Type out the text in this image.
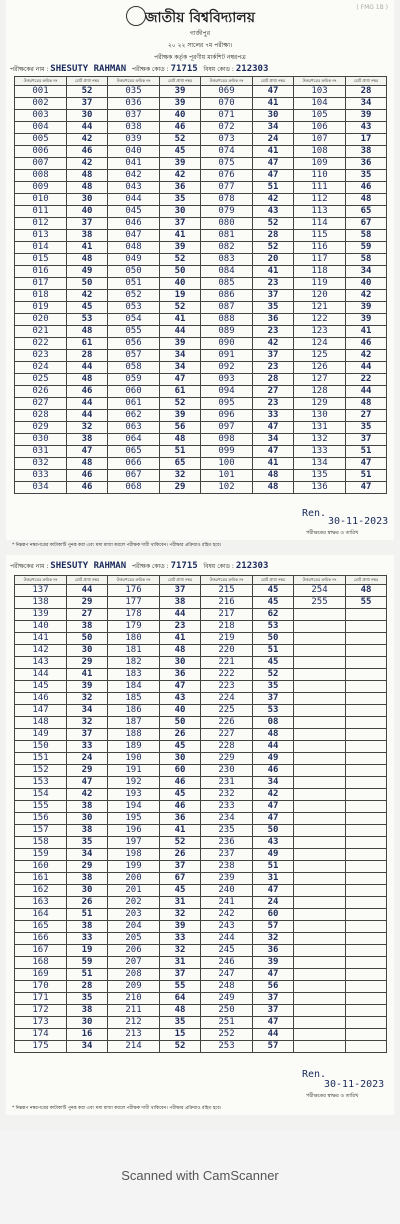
জাতীয় বিশ্ববিদ্যালয়
( FMG 1B )
গাজীপুর
২০ ২২ সালের ৭ম পরীক্ষা।
পরীক্ষক কর্তৃক পূরণীয় মার্কশিট নম্বরপত্র
পরীক্ষকের নাম : SHESUTY RAHMAN পরীক্ষক কোড : 71715 বিষয় কোড : 212303
উত্তরপত্রের ক্রমিক নং	মোট প্রাপ্ত নম্বর	উত্তরপত্রের ক্রমিক নং	মোট প্রাপ্ত নম্বর	উত্তরপত্রের ক্রমিক নং	মোট প্রাপ্ত নম্বর	উত্তরপত্রের ক্রমিক নং	মোট প্রাপ্ত নম্বর
001	52	035	39	069	47	103	28
002	37	036	39	070	41	104	34
003	30	037	40	071	30	105	39
004	44	038	46	072	34	106	43
005	42	039	52	073	24	107	17
006	46	040	45	074	41	108	38
007	42	041	39	075	47	109	36
008	48	042	42	076	47	110	35
009	48	043	36	077	51	111	46
010	30	044	35	078	42	112	48
011	40	045	30	079	43	113	65
012	37	046	37	080	52	114	67
013	38	047	41	081	28	115	58
014	41	048	39	082	52	116	59
015	48	049	52	083	20	117	58
016	49	050	50	084	41	118	34
017	50	051	40	085	23	119	40
018	42	052	19	086	37	120	42
019	45	053	52	087	35	121	39
020	53	054	41	088	36	122	39
021	48	055	44	089	23	123	41
022	61	056	39	090	42	124	46
023	28	057	34	091	37	125	42
024	44	058	34	092	23	126	44
025	48	059	47	093	28	127	22
026	46	060	61	094	27	128	44
027	44	061	52	095	23	129	48
028	44	062	39	096	33	130	27
029	32	063	56	097	47	131	35
030	38	064	48	098	34	132	37
031	47	065	51	099	47	133	51
032	48	066	65	100	41	134	47
033	46	067	32	101	48	135	51
034	46	068	29	102	48	136	47
Ren.
30-11-2023
পরীক্ষকের স্বাক্ষর ও তারিখ
* নিম্নরূপ নম্বরপত্রের কাটাকাটি পুনরূ করা এবং ঘষা মাজা করলে পরীক্ষক দায়ী থাকিবেন। পরীক্ষার প্রক্রিয়াও রহিত হবে।
পরীক্ষকের নাম : SHESUTY RAHMAN পরীক্ষক কোড : 71715 বিষয় কোড : 212303
উত্তরপত্রের ক্রমিক নং	মোট প্রাপ্ত নম্বর	উত্তরপত্রের ক্রমিক নং	মোট প্রাপ্ত নম্বর	উত্তরপত্রের ক্রমিক নং	মোট প্রাপ্ত নম্বর	উত্তরপত্রের ক্রমিক নং	মোট প্রাপ্ত নম্বর
137	44	176	37	215	45	254	48
138	29	177	38	216	45	255	55
139	27	178	44	217	62		
140	38	179	23	218	53		
141	50	180	41	219	50		
142	30	181	48	220	51		
143	29	182	30	221	45		
144	41	183	36	222	52		
145	39	184	47	223	35		
146	32	185	43	224	37		
147	34	186	40	225	53		
148	32	187	50	226	08		
149	37	188	26	227	48		
150	33	189	45	228	44		
151	24	190	30	229	49		
152	29	191	60	230	46		
153	47	192	46	231	34		
154	42	193	45	232	42		
155	38	194	46	233	47		
156	30	195	36	234	47		
157	38	196	41	235	50		
158	35	197	52	236	43		
159	34	198	26	237	49		
160	29	199	37	238	51		
161	38	200	67	239	31		
162	30	201	45	240	47		
163	26	202	31	241	24		
164	51	203	32	242	60		
165	38	204	39	243	57		
166	33	205	33	244	32		
167	19	206	32	245	36		
168	59	207	31	246	39		
169	51	208	37	247	47		
170	28	209	55	248	56		
171	35	210	64	249	37		
172	38	211	48	250	37		
173	30	212	35	251	47		
174	16	213	15	252	44		
175	34	214	52	253	57		
Ren.
30-11-2023
পরীক্ষকের স্বাক্ষর ও তারিখ
* নিম্নরূপ নম্বরপত্রের কাটাকাটি পুনরূ করা এবং ঘষা মাজা করলে পরীক্ষক দায়ী থাকিবেন। পরীক্ষার প্রক্রিয়াও রহিত হবে।
Scanned with CamScanner
